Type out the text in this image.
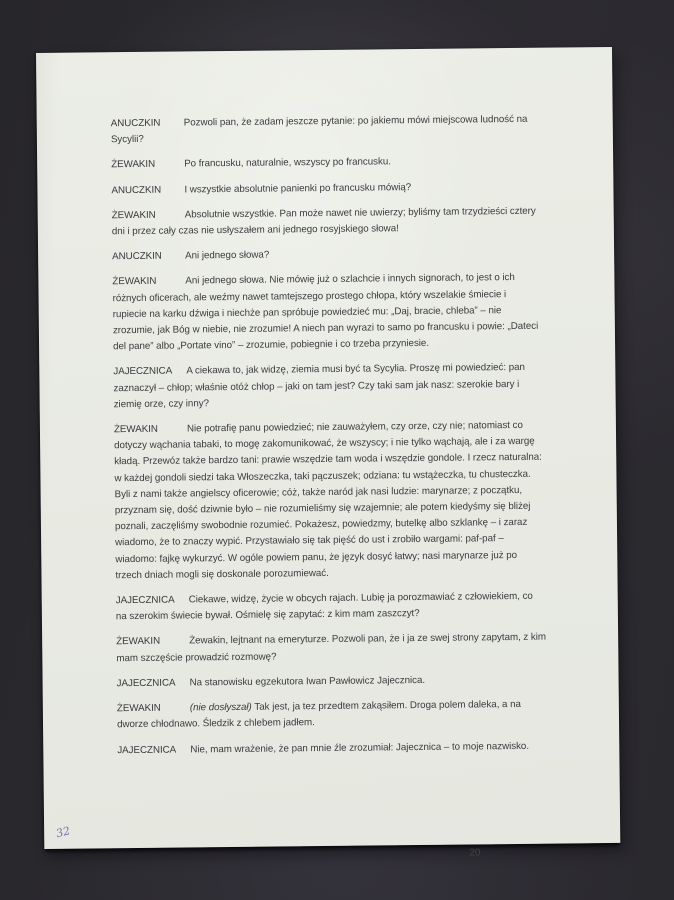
ANUCZKIN Pozwoli pan, że zadam jeszcze pytanie: po jakiemu mówi miejscowa ludność na Sycylii?

ŻEWAKIN	Po francusku, naturalnie, wszyscy po francusku.

ANUCZKIN I wszystkie absolutnie panienki po francusku mówią?

ŻEWAKIN	Absolutnie wszystkie. Pan może nawet nie uwierzy; byliśmy tam trzydzieści cztery dni i przez cały czas nie usłyszałem ani jednego rosyjskiego słowa!

ANUCZKIN Ani jednego słowa?

ŻEWAKIN	Ani jednego słowa. Nie mówię już o szlachcie i innych signorach, to jest o ich różnych oficerach, ale weźmy nawet tamtejszego prostego chłopa, który wszelakie śmiecie i rupiecie na karku dźwiga i niechże pan spróbuje powiedzieć mu: „Daj, bracie, chleba” – nie zrozumie, jak Bóg w niebie, nie zrozumie! A niech pan wyrazi to samo po francusku i powie: „Dateci del pane” albo „Portate vino” – zrozumie, pobiegnie i co trzeba przyniesie.

JAJECZNICA A ciekawa to, jak widzę, ziemia musi być ta Sycylia. Proszę mi powiedzieć: pan zaznaczył – chłop; właśnie otóż chłop – jaki on tam jest? Czy taki sam jak nasz: szerokie bary i ziemię orze, czy inny?

ŻEWAKIN	Nie potrafię panu powiedzieć; nie zauważyłem, czy orze, czy nie; natomiast co dotyczy wąchania tabaki, to mogę zakomunikować, że wszyscy; i nie tylko wąchają, ale i za wargę kładą. Przewóz także bardzo tani: prawie wszędzie tam woda i wszędzie gondole. I rzecz naturalna: w każdej gondoli siedzi taka Włoszeczka, taki pączuszek; odziana: tu wstążeczka, tu chusteczka. Byli z nami także angielscy oficerowie; cóż, także naród jak nasi ludzie: marynarze; z początku, przyznam się, dość dziwnie było – nie rozumieliśmy się wzajemnie; ale potem kiedyśmy się bliżej poznali, zaczęliśmy swobodnie rozumieć. Pokażesz, powiedzmy, butelkę albo szklankę – i zaraz wiadomo, że to znaczy wypić. Przystawiało się tak pięść do ust i zrobiło wargami: paf-paf – wiadomo: fajkę wykurzyć. W ogóle powiem panu, że język dosyć łatwy; nasi marynarze już po trzech dniach mogli się doskonale porozumiewać.

JAJECZNICA Ciekawe, widzę, życie w obcych rajach. Lubię ja porozmawiać z człowiekiem, co na szerokim świecie bywał. Ośmielę się zapytać: z kim mam zaszczyt?

ŻEWAKIN	Żewakin, lejtnant na emeryturze. Pozwoli pan, że i ja ze swej strony zapytam, z kim mam szczęście prowadzić rozmowę?

JAJECZNICA Na stanowisku egzekutora Iwan Pawłowicz Jajecznica.

ŻEWAKIN	(nie dosłyszał) Tak jest, ja tez przedtem zakąsiłem. Droga polem daleka, a na dworze chłodnawo. Śledzik z chlebem jadłem.

JAJECZNICA Nie, mam wrażenie, że pan mnie źle zrozumiał: Jajecznica – to moje nazwisko.

20
32
